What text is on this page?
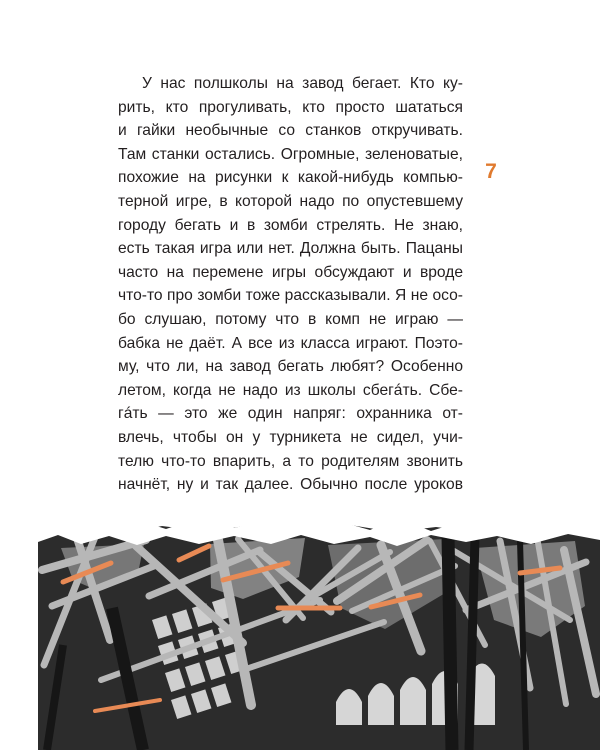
У нас полшколы на завод бегает. Кто ку-
рить, кто прогуливать, кто просто шататься
и гайки необычные со станков откручивать.
Там станки остались. Огромные, зеленоватые,
похожие на рисунки к какой-нибудь компью-
терной игре, в которой надо по опустевшему
городу бегать и в зомби стрелять. Не знаю,
есть такая игра или нет. Должна быть. Пацаны
часто на перемене игры обсуждают и вроде
что-то про зомби тоже рассказывали. Я не осо-
бо слушаю, потому что в комп не играю —
бабка не даёт. А все из класса играют. Поэто-
му, что ли, на завод бегать любят? Особенно
летом, когда не надо из школы сбегáть. Сбе-
гáть — это же один напряг: охранника от-
влечь, чтобы он у турникета не сидел, учи-
телю что-то впарить, а то родителям звонить
начнёт, ну и так далее. Обычно после уроков
7
